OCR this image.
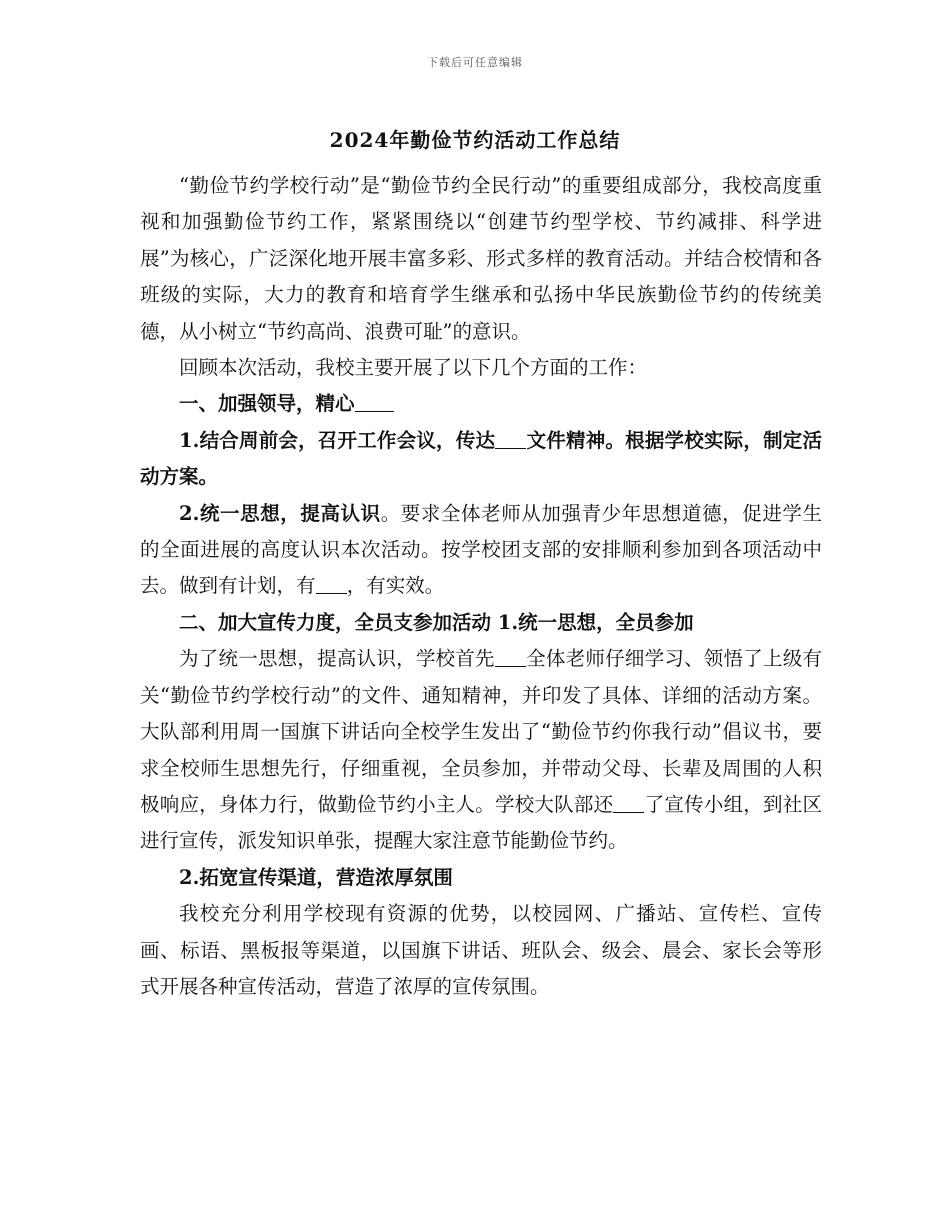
下载后可任意编辑
2024年勤俭节约活动工作总结

“勤俭节约学校行动”是“勤俭节约全民行动”的重要组成部分，我校高度重视和加强勤俭节约工作，紧紧围绕以“创建节约型学校、节约减排、科学进展”为核心，广泛深化地开展丰富多彩、形式多样的教育活动。并结合校情和各班级的实际，大力的教育和培育学生继承和弘扬中华民族勤俭节约的传统美德，从小树立“节约高尚、浪费可耻”的意识。

回顾本次活动，我校主要开展了以下几个方面的工作：

一、加强领导，精心

1.结合周前会，召开工作会议，传达 文件精神。根据学校实际，制定活动方案。

2.统一思想，提高认识。要求全体老师从加强青少年思想道德，促进学生的全面进展的高度认识本次活动。按学校团支部的安排顺利参加到各项活动中去。做到有计划，有 ，有实效。

二、加大宣传力度，全员支参加活动 1.统一思想，全员参加

为了统一思想，提高认识，学校首先 全体老师仔细学习、领悟了上级有关“勤俭节约学校行动”的文件、通知精神，并印发了具体、详细的活动方案。大队部利用周一国旗下讲话向全校学生发出了“勤俭节约你我行动”倡议书，要求全校师生思想先行，仔细重视，全员参加，并带动父母、长辈及周围的人积极响应，身体力行，做勤俭节约小主人。学校大队部还 了宣传小组，到社区进行宣传，派发知识单张，提醒大家注意节能勤俭节约。

2.拓宽宣传渠道，营造浓厚氛围

我校充分利用学校现有资源的优势，以校园网、广播站、宣传栏、宣传画、标语、黑板报等渠道，以国旗下讲话、班队会、级会、晨会、家长会等形式开展各种宣传活动，营造了浓厚的宣传氛围。
